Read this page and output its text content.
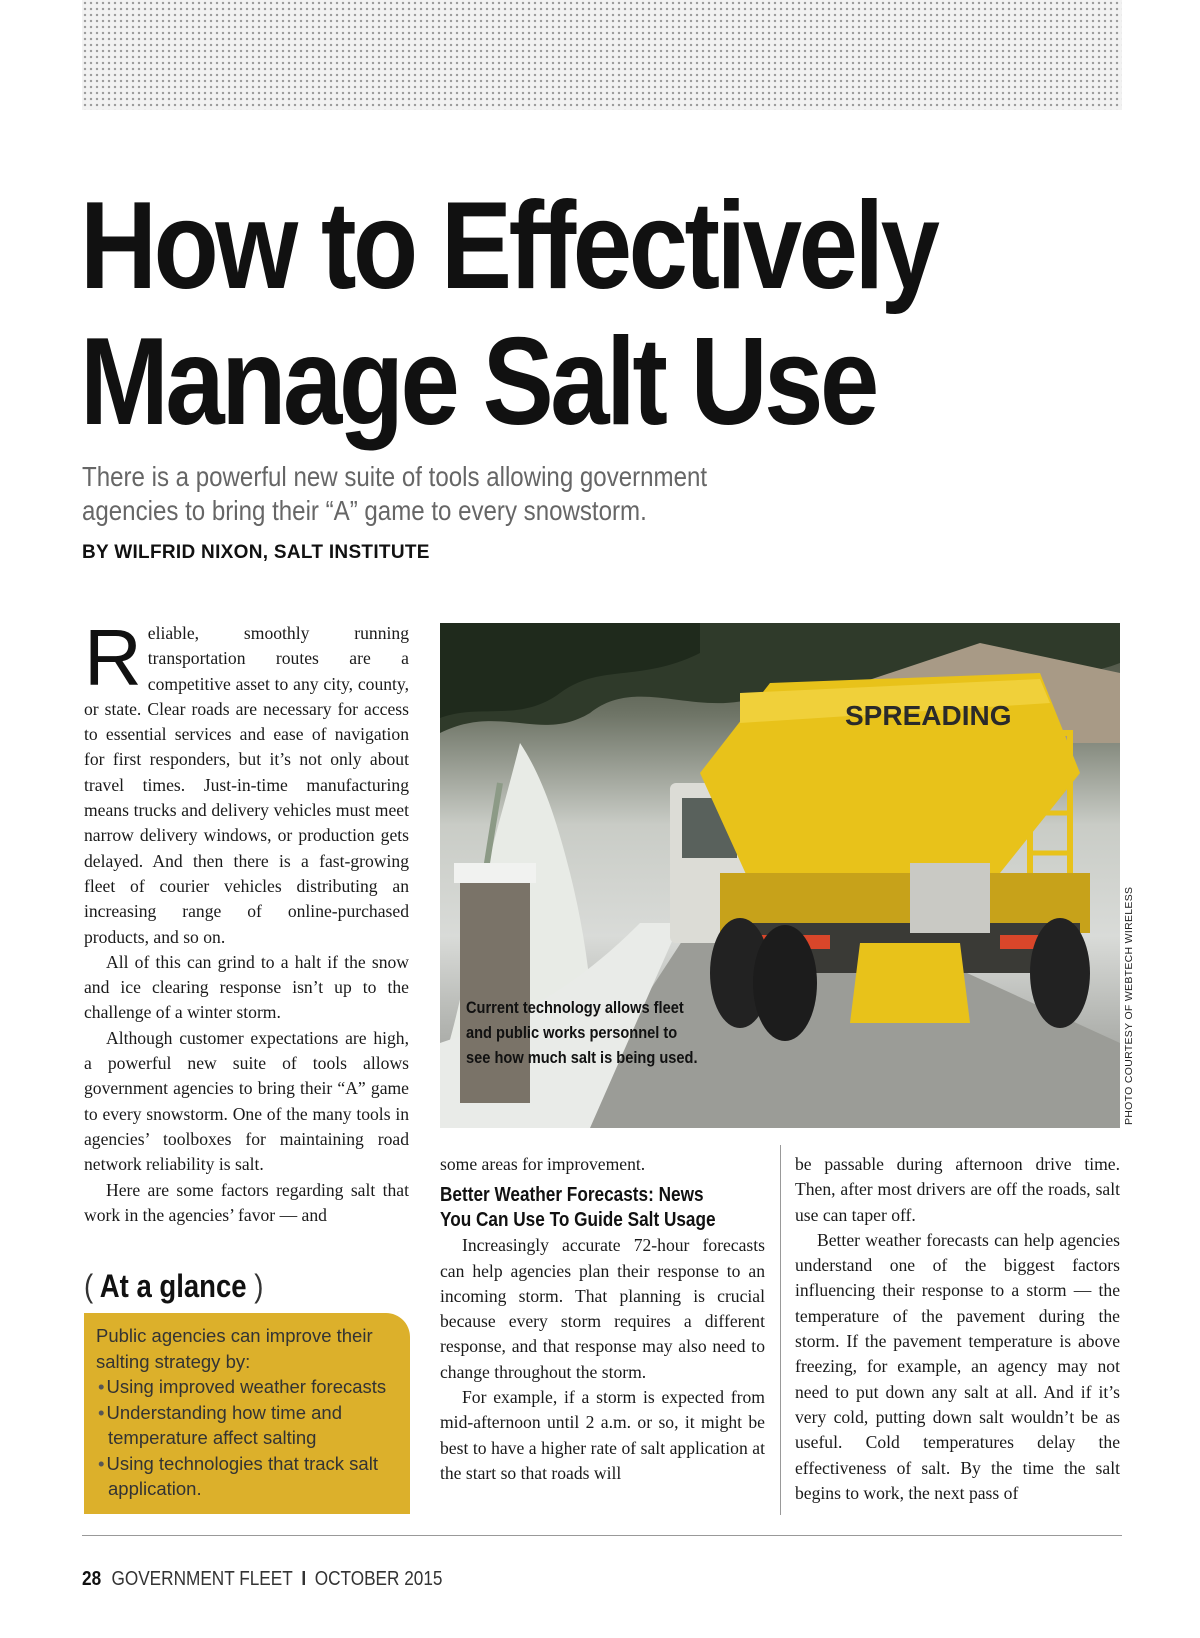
How to Effectively
Manage Salt Use
There is a powerful new suite of tools allowing government
agencies to bring their “A” game to every snowstorm.
BY WILFRID NIXON, SALT INSTITUTE

Reliable, smoothly running transportation routes are a competitive asset to any city, county, or state. Clear roads are necessary for access to essential services and ease of navigation for first responders, but it’s not only about travel times. Just-in-time manufacturing means trucks and delivery vehicles must meet narrow delivery windows, or production gets delayed. And then there is a fast-growing fleet of courier vehicles distributing an increasing range of online-purchased products, and so on.

All of this can grind to a halt if the snow and ice clearing response isn’t up to the challenge of a winter storm.

Although customer expectations are high, a powerful new suite of tools allows government agencies to bring their “A” game to every snowstorm. One of the many tools in agencies’ toolboxes for maintaining road network reliability is salt.

Here are some factors regarding salt that work in the agencies’ favor — and

SPREADING
Current technology allows fleet
and public works personnel to
see how much salt is being used.	PHOTO COURTESY OF WEBTECH WIRELESS

some areas for improvement.

Better Weather Forecasts: News
You Can Use To Guide Salt Usage

Increasingly accurate 72-hour forecasts can help agencies plan their response to an incoming storm. That planning is crucial because every storm requires a different response, and that response may also need to change throughout the storm.

For example, if a storm is expected from mid-afternoon until 2 a.m. or so, it might be best to have a higher rate of salt application at the start so that roads will

be passable during afternoon drive time. Then, after most drivers are off the roads, salt use can taper off.

Better weather forecasts can help agencies understand one of the biggest factors influencing their response to a storm — the temperature of the pavement during the storm. If the pavement temperature is above freezing, for example, an agency may not need to put down any salt at all. And if it’s very cold, putting down salt wouldn’t be as useful. Cold temperatures delay the effectiveness of salt. By the time the salt begins to work, the next pass of

( At a glance )

Public agencies can improve their salting strategy by:

• Using improved weather forecasts
• Understanding how time and temperature affect salting
• Using technologies that track salt application.
28 GOVERNMENT FLEET I OCTOBER 2015
